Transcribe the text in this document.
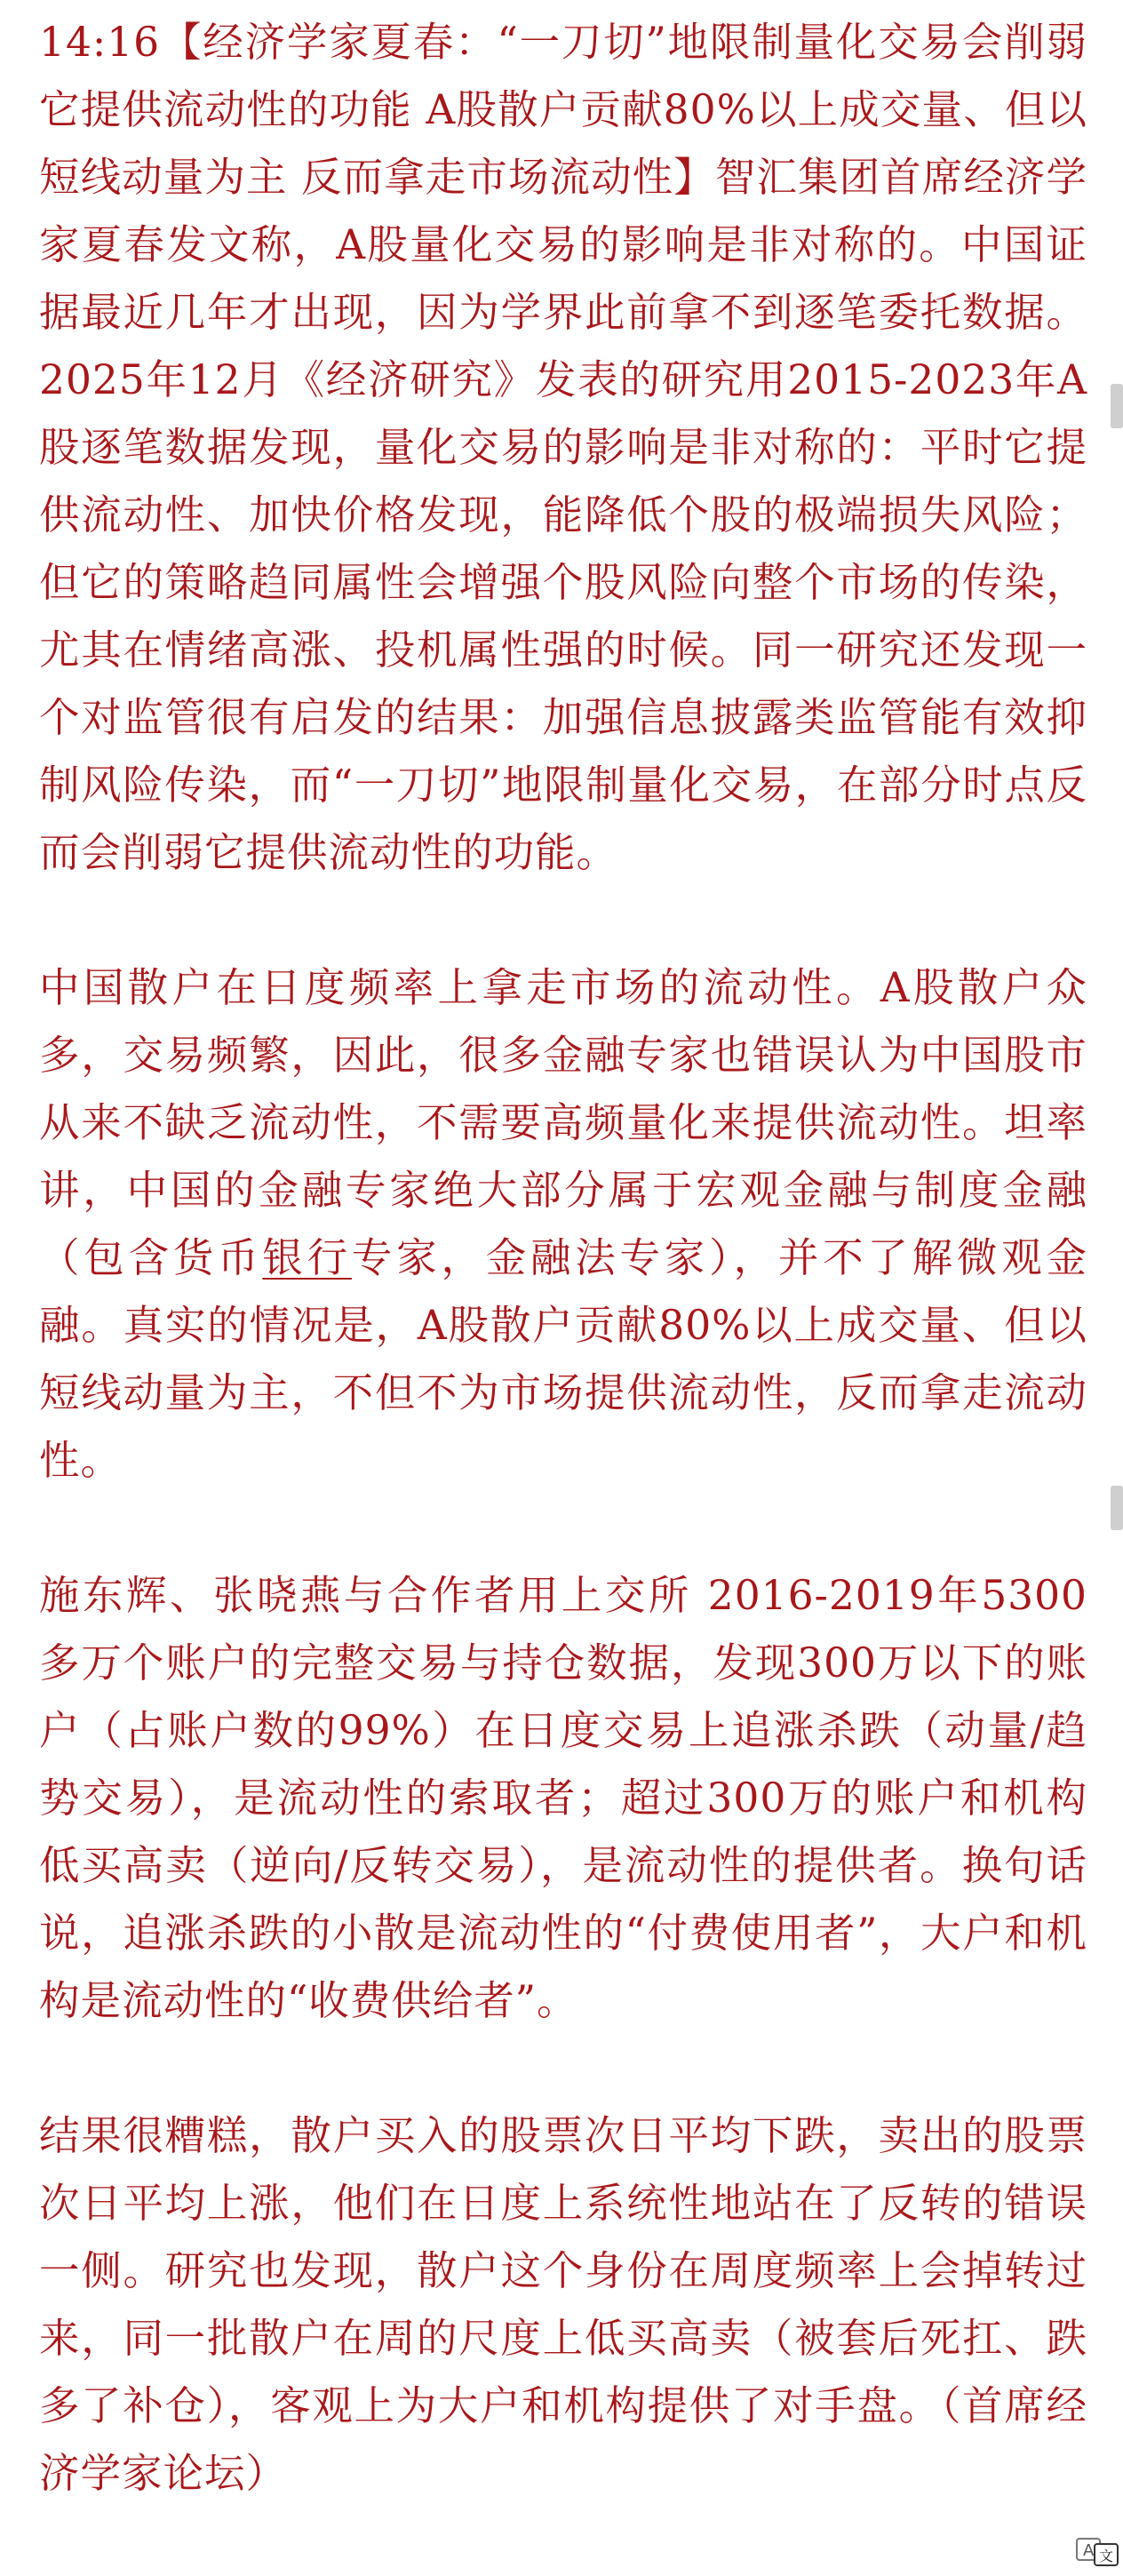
14:16【经济学家夏春：“一刀切”地限制量化交易会削弱它提供流动性的功能 A股散户贡献80%以上成交量、但以短线动量为主 反而拿走市场流动性】智汇集团首席经济学家夏春发文称，A股量化交易的影响是非对称的。中国证据最近几年才出现，因为学界此前拿不到逐笔委托数据。2025年12月《经济研究》发表的研究用2015-2023年A股逐笔数据发现，量化交易的影响是非对称的：平时它提供流动性、加快价格发现，能降低个股的极端损失风险；但它的策略趋同属性会增强个股风险向整个市场的传染，尤其在情绪高涨、投机属性强的时候。同一研究还发现一个对监管很有启发的结果：加强信息披露类监管能有效抑制风险传染，而“一刀切”地限制量化交易，在部分时点反而会削弱它提供流动性的功能。

中国散户在日度频率上拿走市场的流动性。A股散户众多，交易频繁，因此，很多金融专家也错误认为中国股市从来不缺乏流动性，不需要高频量化来提供流动性。坦率讲，中国的金融专家绝大部分属于宏观金融与制度金融（包含货币银行专家，金融法专家），并不了解微观金融。真实的情况是，A股散户贡献80%以上成交量、但以短线动量为主，不但不为市场提供流动性，反而拿走流动性。

施东辉、张晓燕与合作者用上交所 2016-2019年5300多万个账户的完整交易与持仓数据，发现300万以下的账户（占账户数的99%）在日度交易上追涨杀跌（动量/趋势交易），是流动性的索取者；超过300万的账户和机构低买高卖（逆向/反转交易），是流动性的提供者。换句话说，追涨杀跌的小散是流动性的“付费使用者”，大户和机构是流动性的“收费供给者”。

结果很糟糕，散户买入的股票次日平均下跌，卖出的股票次日平均上涨，他们在日度上系统性地站在了反转的错误一侧。研究也发现，散户这个身份在周度频率上会掉转过来，同一批散户在周的尺度上低买高卖（被套后死扛、跌多了补仓），客观上为大户和机构提供了对手盘。（首席经济学家论坛）

A 文
